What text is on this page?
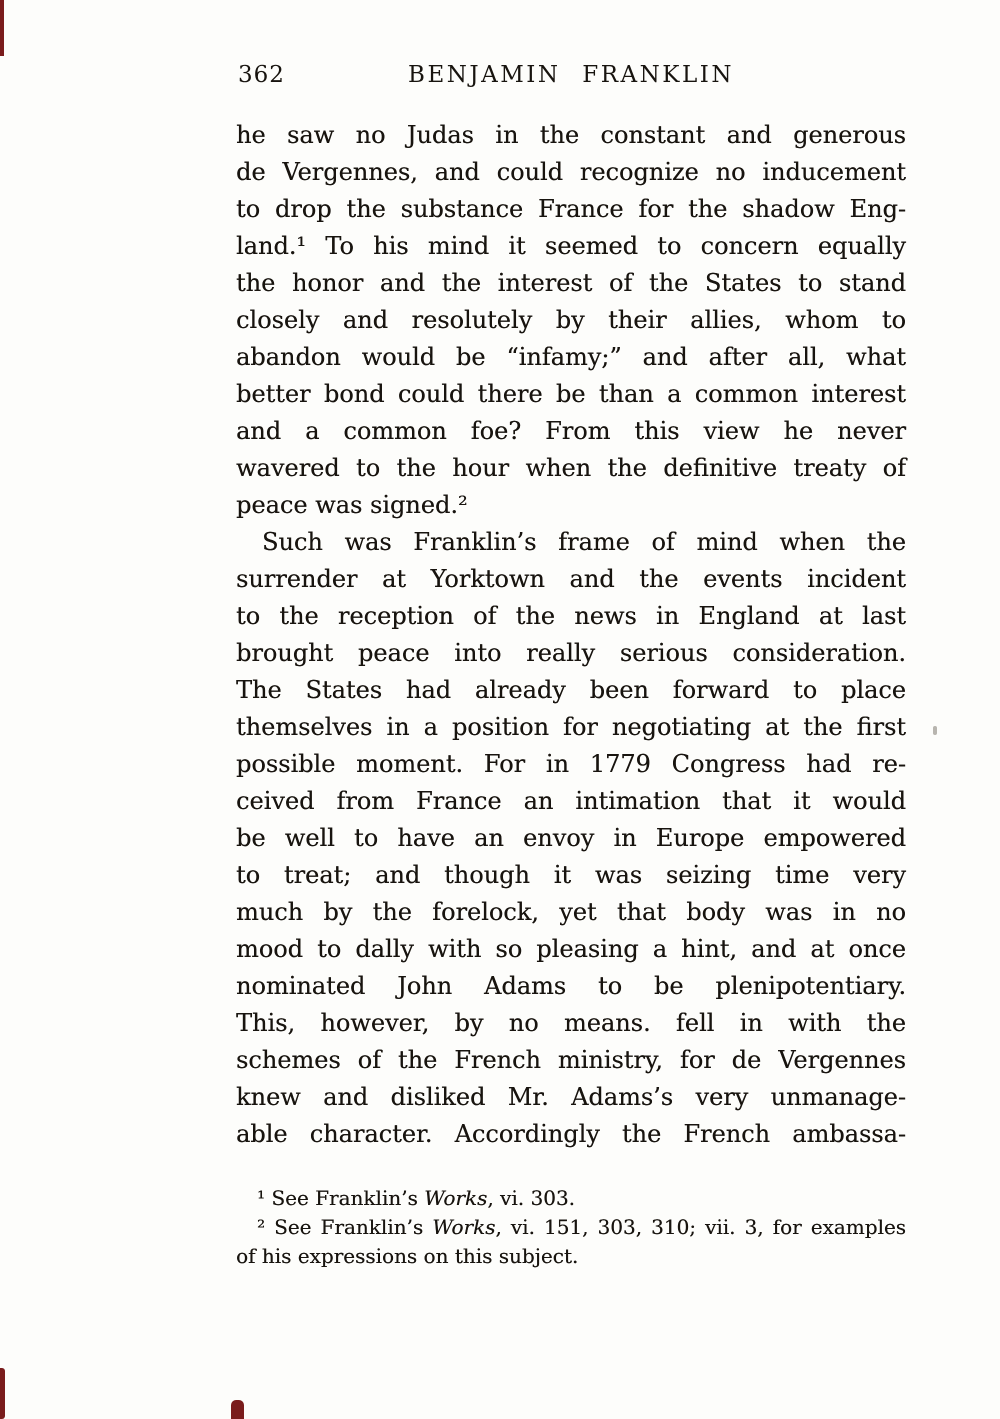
362	BENJAMIN FRANKLIN
he saw no Judas in the constant and generous
de Vergennes, and could recognize no inducement
to drop the substance France for the shadow Eng-
land.¹ To his mind it seemed to concern equally
the honor and the interest of the States to stand
closely and resolutely by their allies, whom to
abandon would be “infamy;” and after all, what
better bond could there be than a common interest
and a common foe? From this view he never
wavered to the hour when the definitive treaty of
peace was signed.²
Such was Franklin’s frame of mind when the
surrender at Yorktown and the events incident
to the reception of the news in England at last
brought peace into really serious consideration.
The States had already been forward to place
themselves in a position for negotiating at the first
possible moment. For in 1779 Congress had re-
ceived from France an intimation that it would
be well to have an envoy in Europe empowered
to treat; and though it was seizing time very
much by the forelock, yet that body was in no
mood to dally with so pleasing a hint, and at once
nominated John Adams to be plenipotentiary.
This, however, by no means. fell in with the
schemes of the French ministry, for de Vergennes
knew and disliked Mr. Adams’s very unmanage-
able character. Accordingly the French ambassa-
¹ See Franklin’s Works, vi. 303.
² See Franklin’s Works, vi. 151, 303, 310; vii. 3, for examples
of his expressions on this subject.
